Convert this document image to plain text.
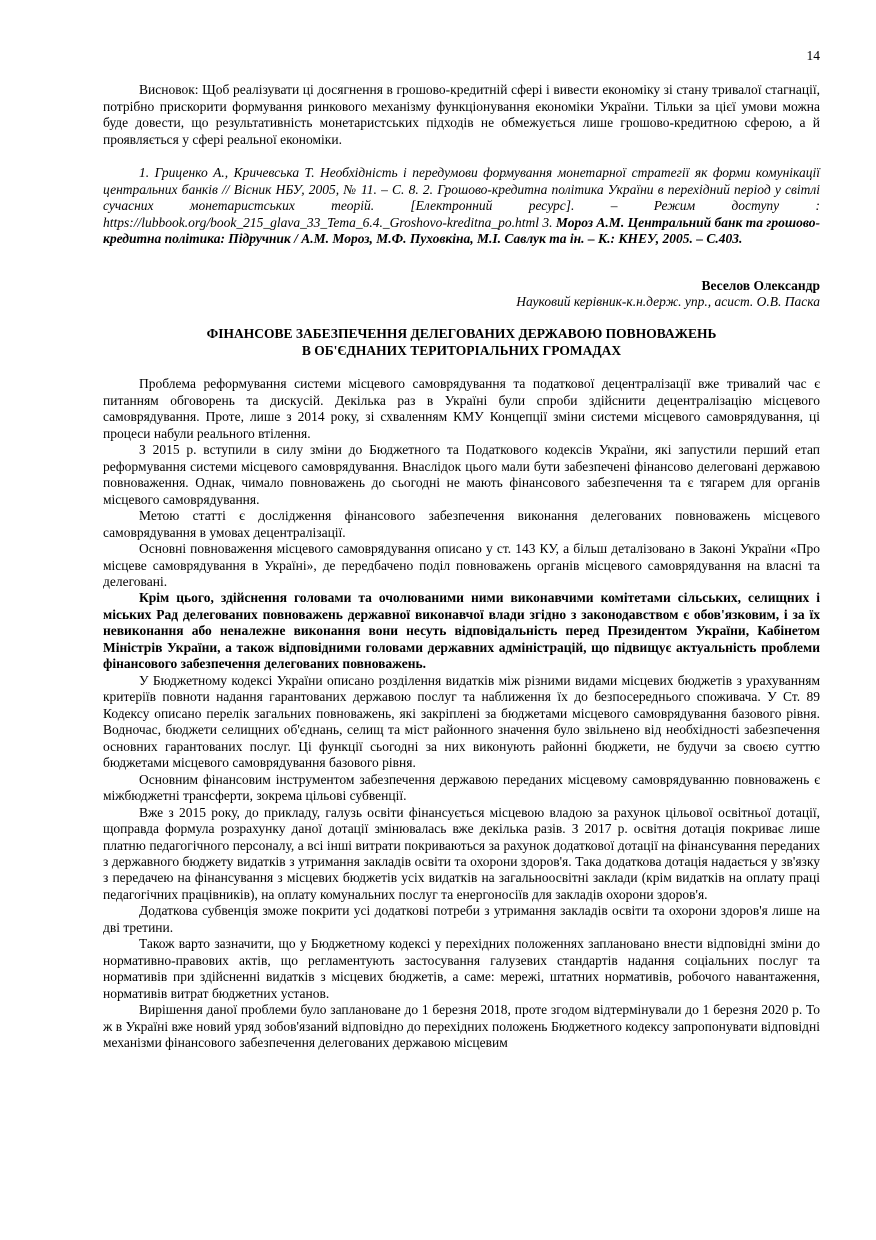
14

Висновок: Щоб реалізувати ці досягнення в грошово-кредитній сфері і вивести економіку зі стану тривалої стагнації, потрібно прискорити формування ринкового механізму функціонування економіки України. Тільки за цієї умови можна буде довести, що результативність монетаристських підходів не обмежується лише грошово-кредитною сферою, а й проявляється у сфері реальної економіки.

1. Гриценко А., Кричевська Т. Необхідність і передумови формування монетарної стратегії як форми комунікації центральних банків // Вісник НБУ, 2005, № 11. – С. 8. 2. Грошово-кредитна політика України в перехідний період у світлі сучасних монетаристських теорій. [Електронний ресурс]. – Режим доступу : https://lubbook.org/book_215_glava_33_Tema_6.4._Groshovo-kreditna_po.html 3. Мороз А.М. Центральний банк та грошово-кредитна політика: Підручник / А.М. Мороз, М.Ф. Пуховкіна, М.І. Савлук та ін. – К.: КНЕУ, 2005. – С.403.

Веселов Олександр
Науковий керівник-к.н.держ. упр., асист. О.В. Паска
ФІНАНСОВЕ ЗАБЕЗПЕЧЕННЯ ДЕЛЕГОВАНИХ ДЕРЖАВОЮ ПОВНОВАЖЕНЬ
В ОБ'ЄДНАНИХ ТЕРИТОРІАЛЬНИХ ГРОМАДАХ

Проблема реформування системи місцевого самоврядування та податкової децентралізації вже тривалий час є питанням обговорень та дискусій. Декілька раз в Україні були спроби здійснити децентралізацію місцевого самоврядування. Проте, лише з 2014 року, зі схваленням КМУ Концепції зміни системи місцевого самоврядування, ці процеси набули реального втілення.

З 2015 р. вступили в силу зміни до Бюджетного та Податкового кодексів України, які запустили перший етап реформування системи місцевого самоврядування. Внаслідок цього мали бути забезпечені фінансово делеговані державою повноваження. Однак, чимало повноважень до сьогодні не мають фінансового забезпечення та є тягарем для органів місцевого самоврядування.

Метою статті є дослідження фінансового забезпечення виконання делегованих повноважень місцевого самоврядування в умовах децентралізації.

Основні повноваження місцевого самоврядування описано у ст. 143 КУ, а більш деталізовано в Законі України «Про місцеве самоврядування в Україні», де передбачено поділ повноважень органів місцевого самоврядування на власні та делеговані.

Крім цього, здійснення головами та очолюваними ними виконавчими комітетами сільських, селищних і міських Рад делегованих повноважень державної виконавчої влади згідно з законодавством є обов'язковим, і за їх невиконання або неналежне виконання вони несуть відповідальність перед Президентом України, Кабінетом Міністрів України, а також відповідними головами державних адміністрацій, що підвищує актуальність проблеми фінансового забезпечення делегованих повноважень.

У Бюджетному кодексі України описано розділення видатків між різними видами місцевих бюджетів з урахуванням критеріїв повноти надання гарантованих державою послуг та наближення їх до безпосереднього споживача. У Ст. 89 Кодексу описано перелік загальних повноважень, які закріплені за бюджетами місцевого самоврядування базового рівня. Водночас, бюджети селищних об'єднань, селищ та міст районного значення було звільнено від необхідності забезпечення основних гарантованих послуг. Ці функції сьогодні за них виконують районні бюджети, не будучи за своєю суттю бюджетами місцевого самоврядування базового рівня.

Основним фінансовим інструментом забезпечення державою переданих місцевому самоврядуванню повноважень є міжбюджетні трансферти, зокрема цільові субвенції.

Вже з 2015 року, до прикладу, галузь освіти фінансується місцевою владою за рахунок цільової освітньої дотації, щоправда формула розрахунку даної дотації змінювалась вже декілька разів. З 2017 р. освітня дотація покриває лише платню педагогічного персоналу, а всі інші витрати покриваються за рахунок додаткової дотації на фінансування переданих з державного бюджету видатків з утримання закладів освіти та охорони здоров'я. Така додаткова дотація надається у зв'язку з передачею на фінансування з місцевих бюджетів усіх видатків на загальноосвітні заклади (крім видатків на оплату праці педагогічних працівників), на оплату комунальних послуг та енергоносіїв для закладів охорони здоров'я.

Додаткова субвенція зможе покрити усі додаткові потреби з утримання закладів освіти та охорони здоров'я лише на дві третини.

Також варто зазначити, що у Бюджетному кодексі у перехідних положеннях заплановано внести відповідні зміни до нормативно-правових актів, що регламентують застосування галузевих стандартів надання соціальних послуг та нормативів при здійсненні видатків з місцевих бюджетів, а саме: мережі, штатних нормативів, робочого навантаження, нормативів витрат бюджетних установ.

Вирішення даної проблеми було заплановане до 1 березня 2018, проте згодом відтермінували до 1 березня 2020 р. То ж в Україні вже новий уряд зобов'язаний відповідно до перехідних положень Бюджетного кодексу запропонувати відповідні механізми фінансового забезпечення делегованих державою місцевим
